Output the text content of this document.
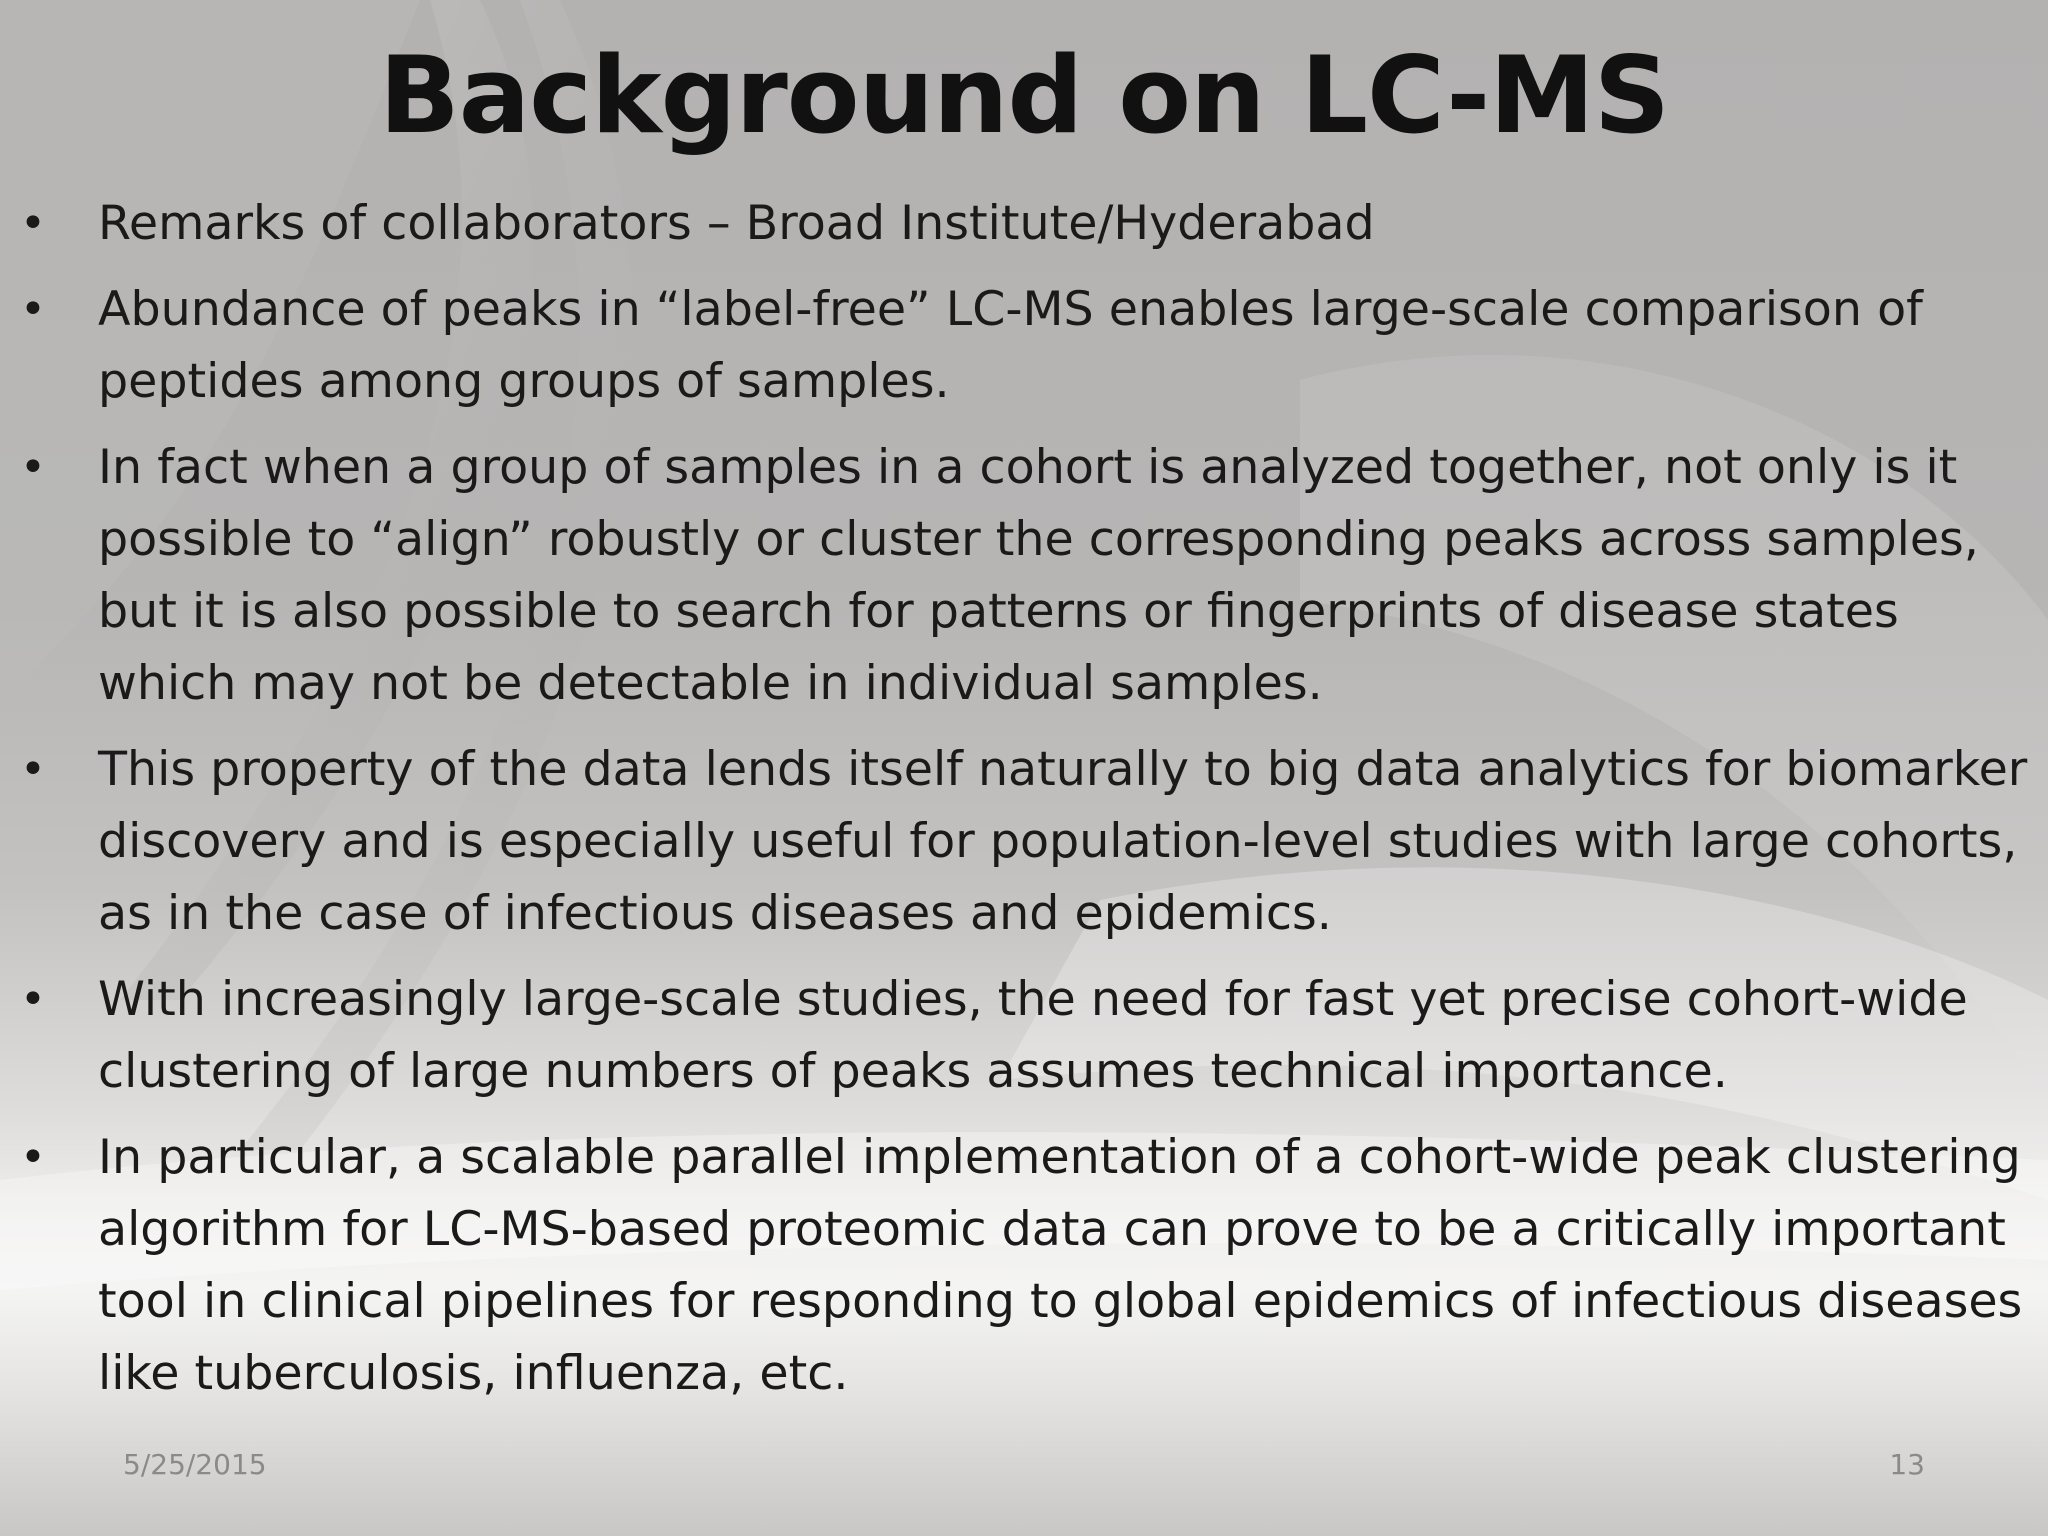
Background on LC-MS
• Remarks of collaborators – Broad Institute/Hyderabad
• Abundance of peaks in “label-free” LC-MS enables large-scale comparison of peptides among groups of samples.
• In fact when a group of samples in a cohort is analyzed together, not only is it possible to “align” robustly or cluster the corresponding peaks across samples, but it is also possible to search for patterns or fingerprints of disease states which may not be detectable in individual samples.
• This property of the data lends itself naturally to big data analytics for biomarker discovery and is especially useful for population-level studies with large cohorts, as in the case of infectious diseases and epidemics.
• With increasingly large-scale studies, the need for fast yet precise cohort-wide clustering of large numbers of peaks assumes technical importance.
• In particular, a scalable parallel implementation of a cohort-wide peak clustering algorithm for LC-MS-based proteomic data can prove to be a critically important tool in clinical pipelines for responding to global epidemics of infectious diseases like tuberculosis, influenza, etc.
5/25/2015	13
